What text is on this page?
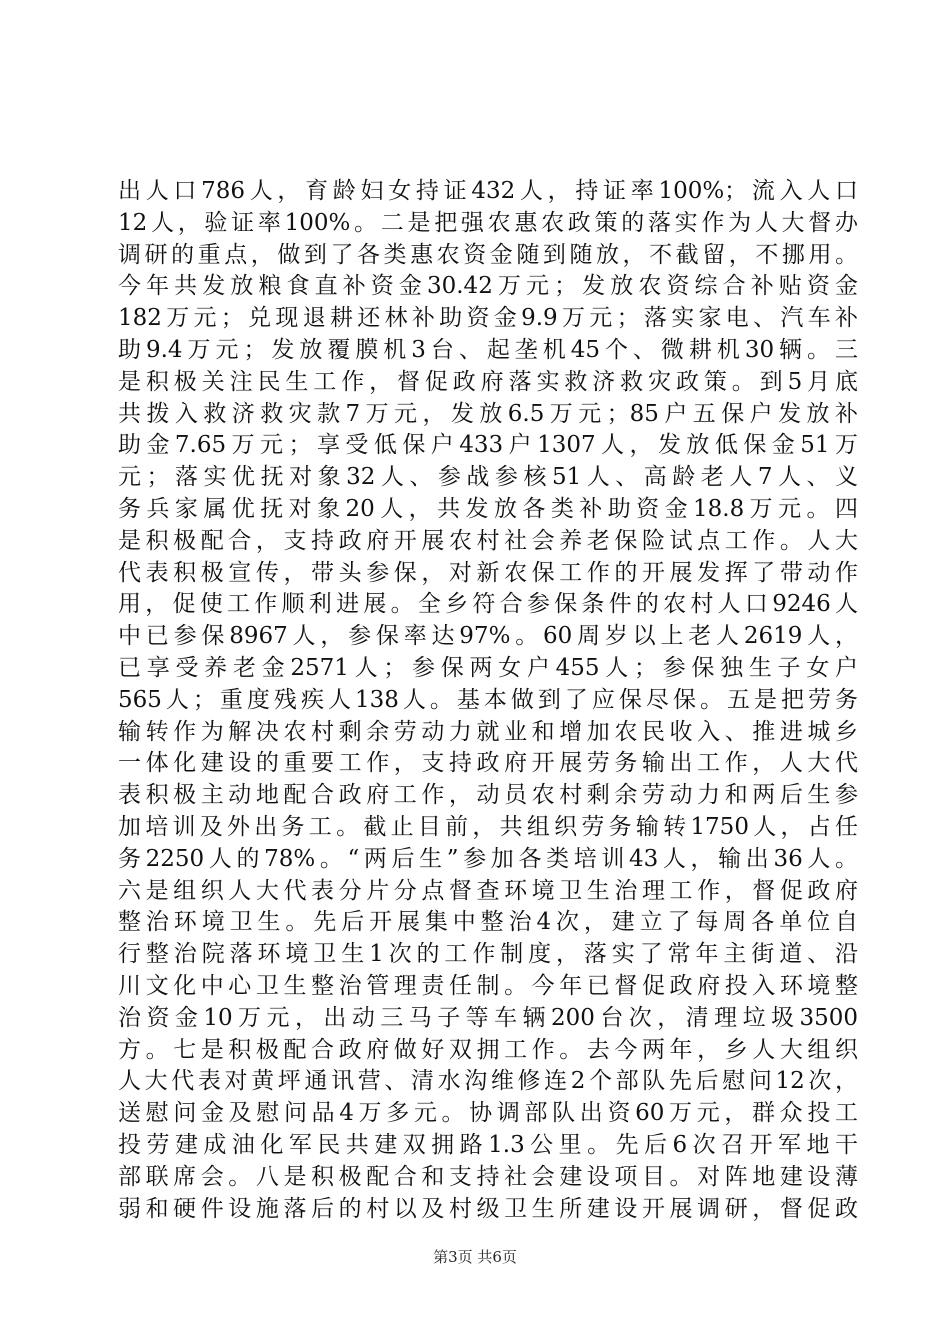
出人口786人，育龄妇女持证432人，持证率100%；流入人口
12人，验证率100%。二是把强农惠农政策的落实作为人大督办
调研的重点，做到了各类惠农资金随到随放，不截留，不挪用。
今年共发放粮食直补资金30.42万元；发放农资综合补贴资金
182万元；兑现退耕还林补助资金9.9万元；落实家电、汽车补
助9.4万元；发放覆膜机3台、起垄机45个、微耕机30辆。三
是积极关注民生工作，督促政府落实救济救灾政策。到5月底
共拨入救济救灾款7万元，发放6.5万元；85户五保户发放补
助金7.65万元；享受低保户433户1307人，发放低保金51万
元；落实优抚对象32人、参战参核51人、高龄老人7人、义
务兵家属优抚对象20人，共发放各类补助资金18.8万元。四
是积极配合，支持政府开展农村社会养老保险试点工作。人大
代表积极宣传，带头参保，对新农保工作的开展发挥了带动作
用，促使工作顺利进展。全乡符合参保条件的农村人口9246人
中已参保8967人，参保率达97%。60周岁以上老人2619人，
已享受养老金2571人；参保两女户455人；参保独生子女户
565人；重度残疾人138人。基本做到了应保尽保。五是把劳务
输转作为解决农村剩余劳动力就业和增加农民收入、推进城乡
一体化建设的重要工作，支持政府开展劳务输出工作，人大代
表积极主动地配合政府工作，动员农村剩余劳动力和两后生参
加培训及外出务工。截止目前，共组织劳务输转1750人，占任
务2250人的78%。“两后生”参加各类培训43人，输出36人。
六是组织人大代表分片分点督查环境卫生治理工作，督促政府
整治环境卫生。先后开展集中整治4次，建立了每周各单位自
行整治院落环境卫生1次的工作制度，落实了常年主街道、沿
川文化中心卫生整治管理责任制。今年已督促政府投入环境整
治资金10万元，出动三马子等车辆200台次，清理垃圾3500
方。七是积极配合政府做好双拥工作。去今两年，乡人大组织
人大代表对黄坪通讯营、清水沟维修连2个部队先后慰问12次，
送慰问金及慰问品4万多元。协调部队出资60万元，群众投工
投劳建成油化军民共建双拥路1.3公里。先后6次召开军地干
部联席会。八是积极配合和支持社会建设项目。对阵地建设薄
弱和硬件设施落后的村以及村级卫生所建设开展调研，督促政
第3页 共6页
